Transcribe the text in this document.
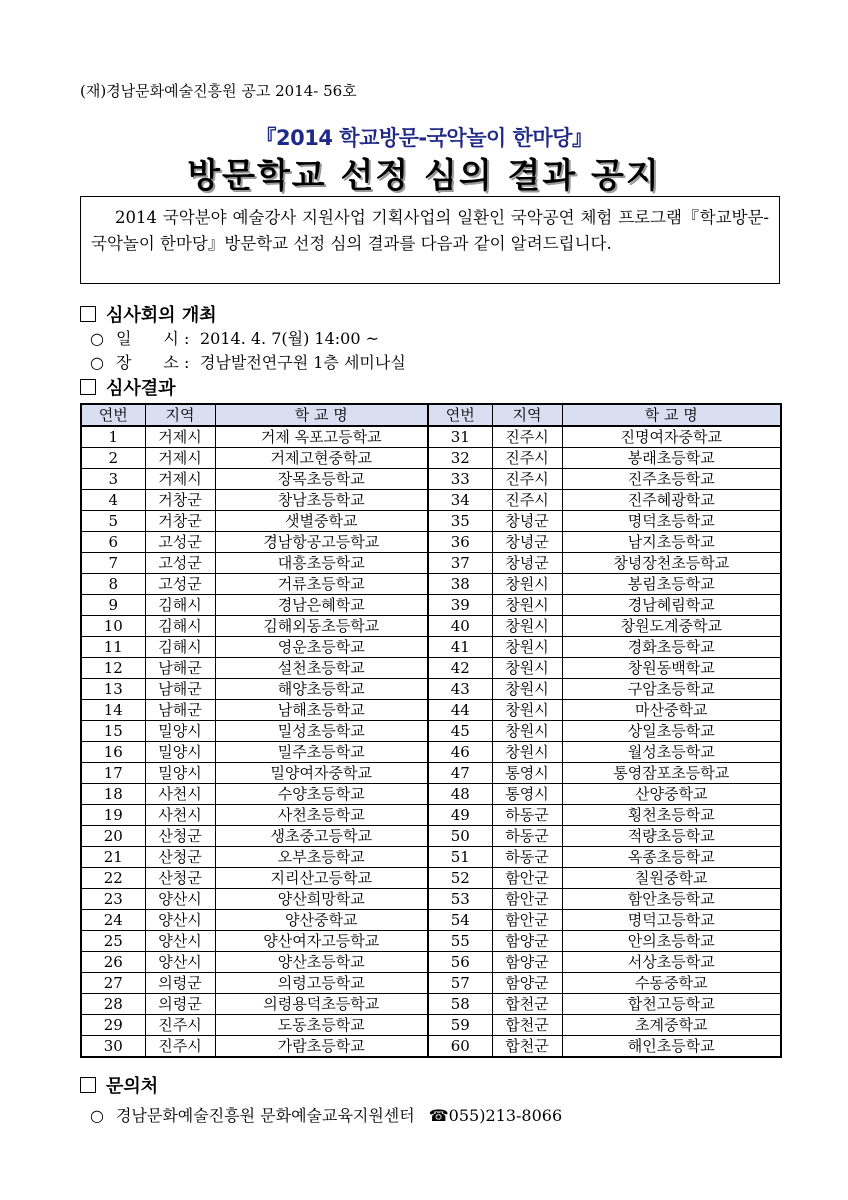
(재)경남문화예술진흥원 공고 2014- 56호
『2014 학교방문-국악놀이 한마당』
방문학교 선정 심의 결과 공지
2014 국악분야 예술강사 지원사업 기획사업의 일환인 국악공연 체험 프로그램『학교방문-국악놀이 한마당』방문학교 선정 심의 결과를 다음과 같이 알려드립니다.
심사회의 개최
○ 일　　시 : 2014. 4. 7(월) 14:00 ~
○ 장　　소 : 경남발전연구원 1층 세미나실
심사결과
연번	지역	학 교 명	연번	지역	학 교 명
1	거제시	거제 옥포고등학교	31	진주시	진명여자중학교
2	거제시	거제고현중학교	32	진주시	봉래초등학교
3	거제시	장목초등학교	33	진주시	진주초등학교
4	거창군	창남초등학교	34	진주시	진주혜광학교
5	거창군	샛별중학교	35	창녕군	명덕초등학교
6	고성군	경남항공고등학교	36	창녕군	남지초등학교
7	고성군	대흥초등학교	37	창녕군	창녕장천초등학교
8	고성군	거류초등학교	38	창원시	봉림초등학교
9	김해시	경남은혜학교	39	창원시	경남혜림학교
10	김해시	김해외동초등학교	40	창원시	창원도계중학교
11	김해시	영운초등학교	41	창원시	경화초등학교
12	남해군	설천초등학교	42	창원시	창원동백학교
13	남해군	해양초등학교	43	창원시	구암초등학교
14	남해군	남해초등학교	44	창원시	마산중학교
15	밀양시	밀성초등학교	45	창원시	상일초등학교
16	밀양시	밀주초등학교	46	창원시	월성초등학교
17	밀양시	밀양여자중학교	47	통영시	통영잠포초등학교
18	사천시	수양초등학교	48	통영시	산양중학교
19	사천시	사천초등학교	49	하동군	횡천초등학교
20	산청군	생초중고등학교	50	하동군	적량초등학교
21	산청군	오부초등학교	51	하동군	옥종초등학교
22	산청군	지리산고등학교	52	함안군	칠원중학교
23	양산시	양산희망학교	53	함안군	함안초등학교
24	양산시	양산중학교	54	함안군	명덕고등학교
25	양산시	양산여자고등학교	55	함양군	안의초등학교
26	양산시	양산초등학교	56	함양군	서상초등학교
27	의령군	의령고등학교	57	함양군	수동중학교
28	의령군	의령용덕초등학교	58	합천군	합천고등학교
29	진주시	도동초등학교	59	합천군	초계중학교
30	진주시	가람초등학교	60	합천군	해인초등학교
문의처
○ 경남문화예술진흥원 문화예술교육지원센터 ☎055)213-8066
